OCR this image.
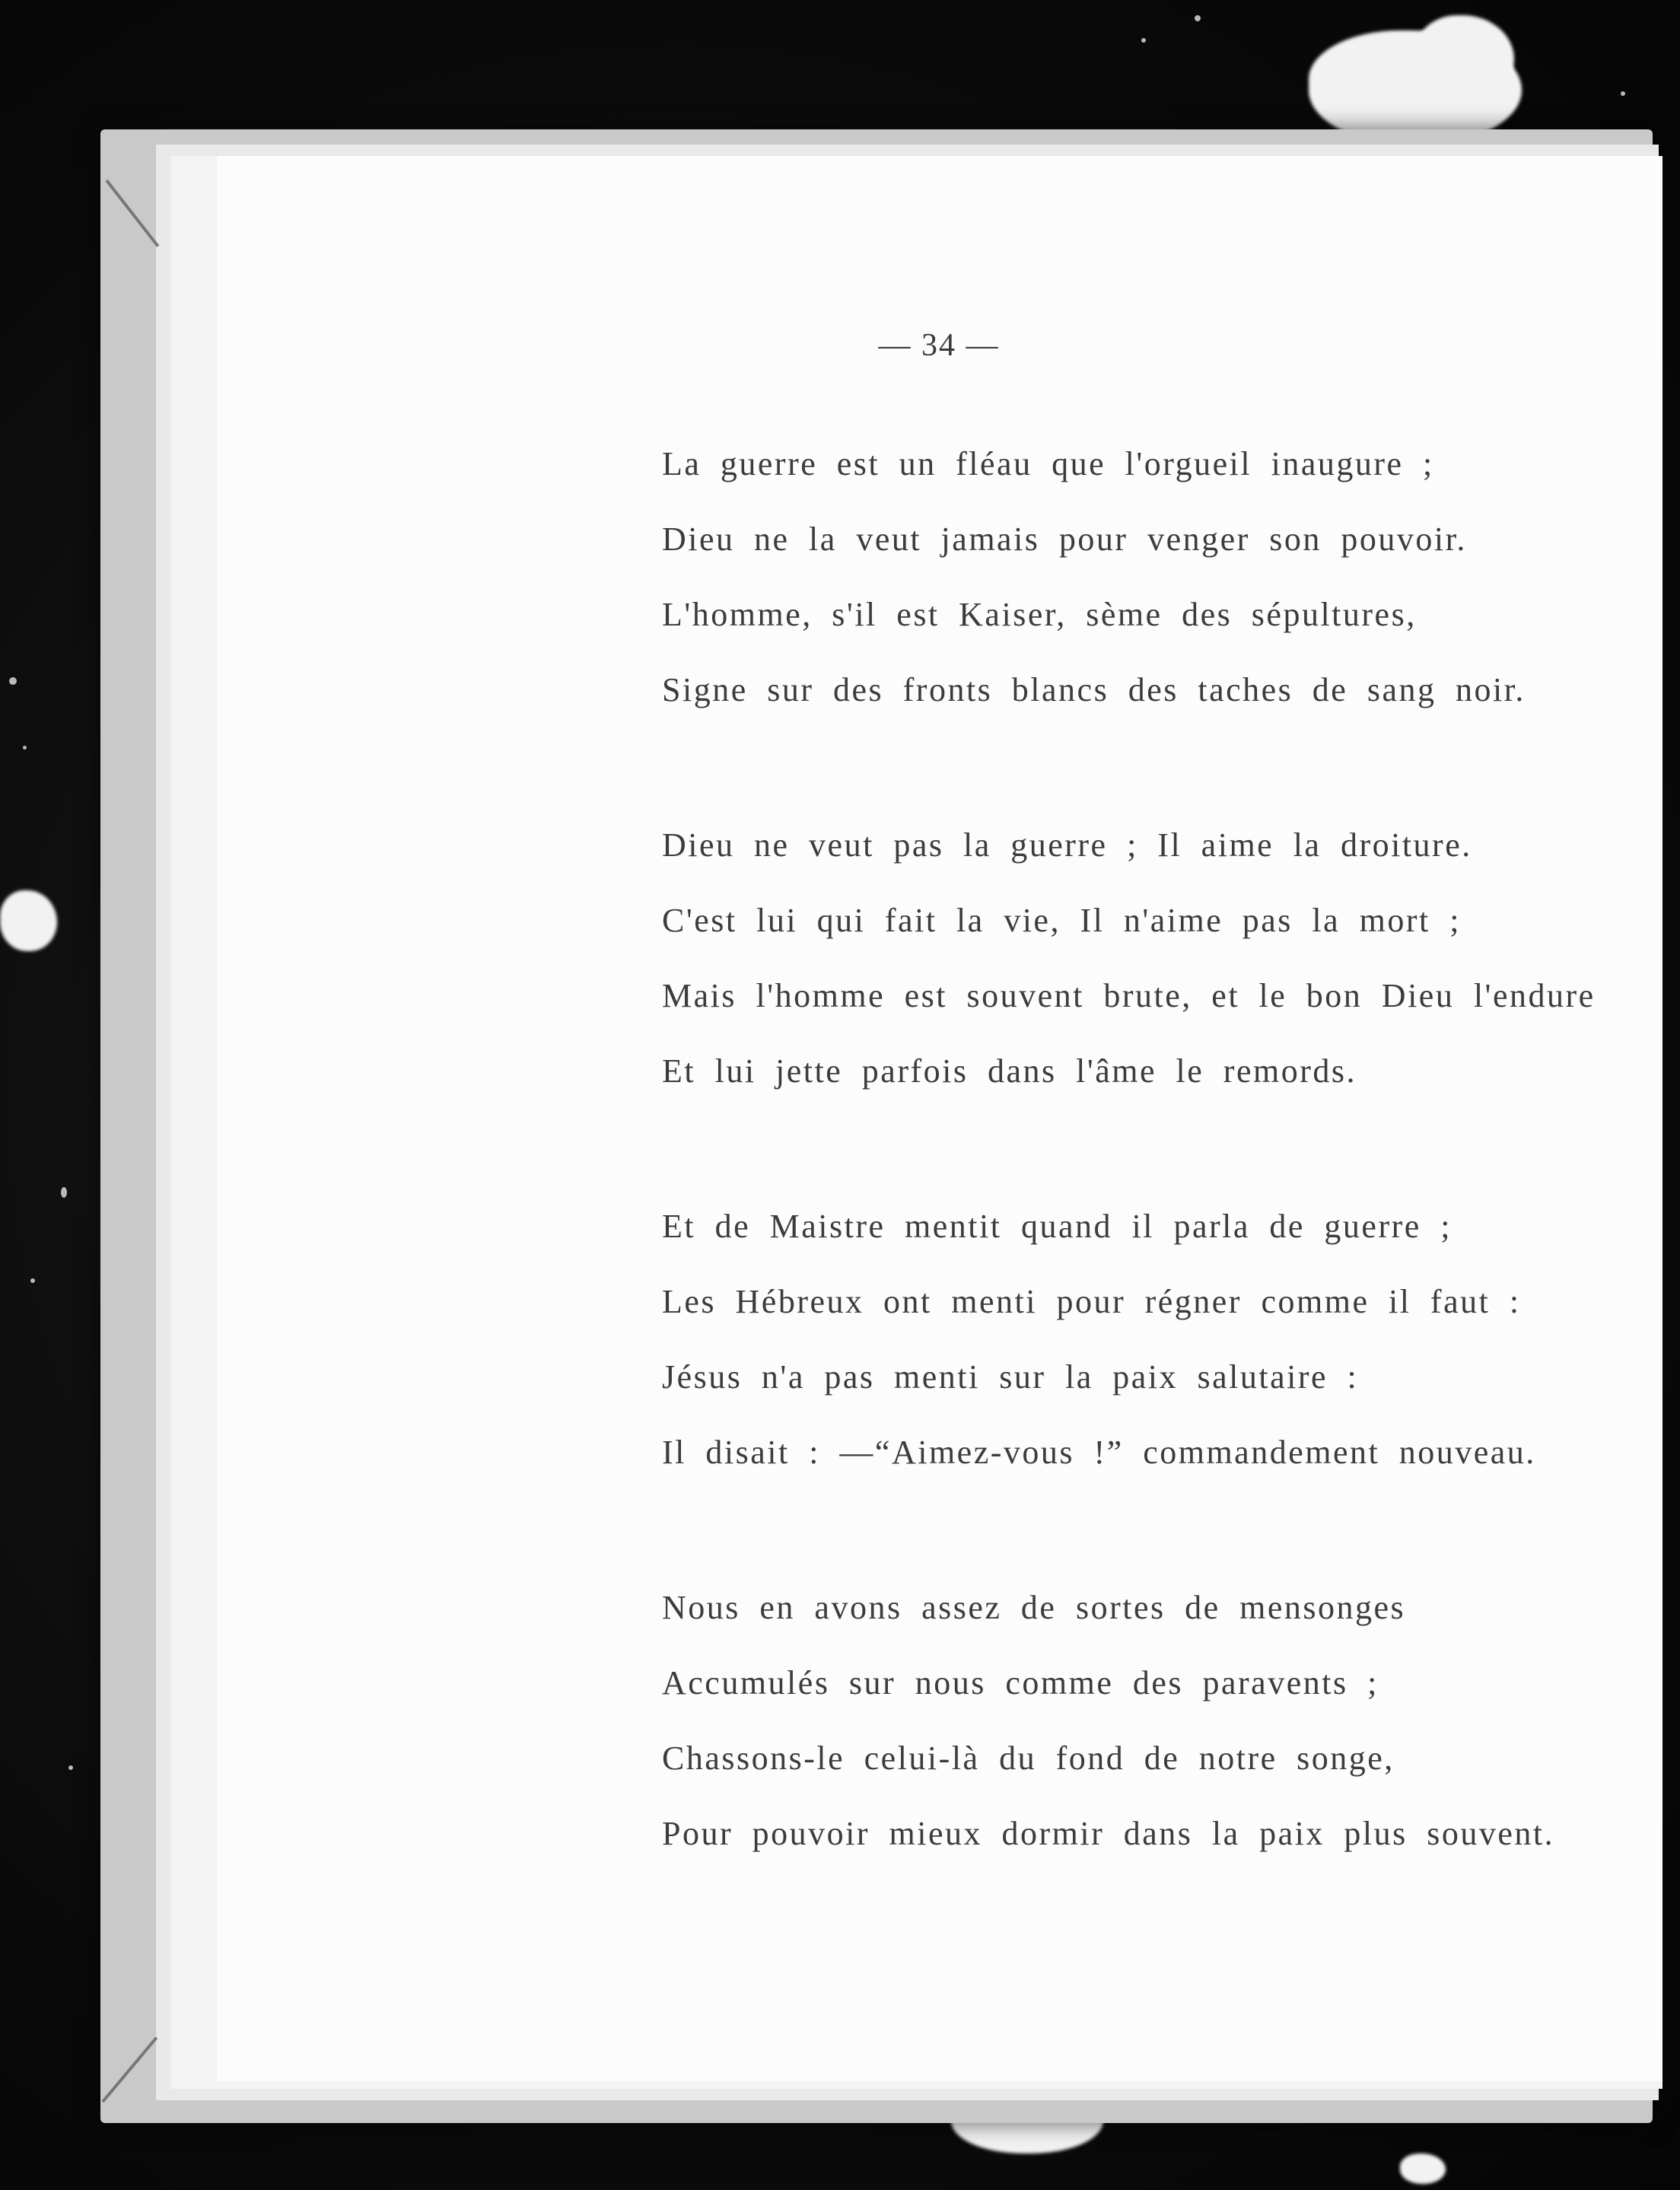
— 34 —
La guerre est un fléau que l'orgueil inaugure ;
Dieu ne la veut jamais pour venger son pouvoir.
L'homme, s'il est Kaiser, sème des sépultures,
Signe sur des fronts blancs des taches de sang noir.
Dieu ne veut pas la guerre ; Il aime la droiture.
C'est lui qui fait la vie, Il n'aime pas la mort ;
Mais l'homme est souvent brute, et le bon Dieu l'endure
Et lui jette parfois dans l'âme le remords.
Et de Maistre mentit quand il parla de guerre ;
Les Hébreux ont menti pour régner comme il faut :
Jésus n'a pas menti sur la paix salutaire :
Il disait : —“Aimez-vous !” commandement nouveau.
Nous en avons assez de sortes de mensonges
Accumulés sur nous comme des paravents ;
Chassons-le celui-là du fond de notre songe,
Pour pouvoir mieux dormir dans la paix plus souvent.
